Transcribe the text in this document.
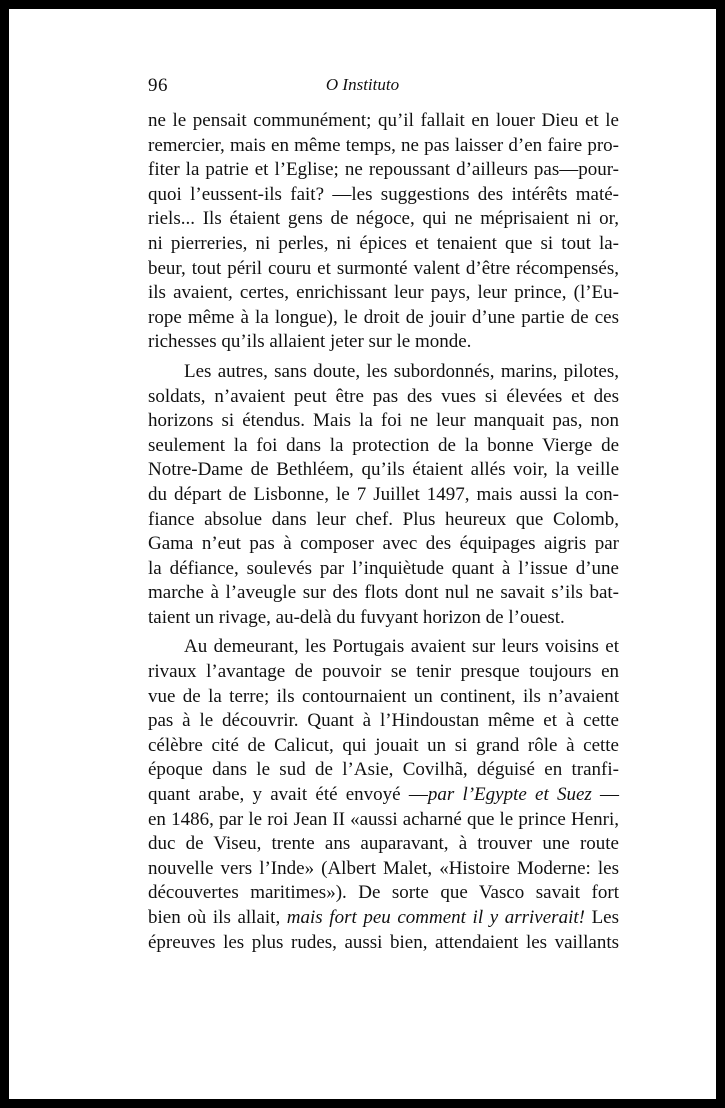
96	O Instituto
ne le pensait communément; qu’il fallait en louer Dieu et le
remercier, mais en même temps, ne pas laisser d’en faire pro-
fiter la patrie et l’Eglise; ne repoussant d’ailleurs pas—pour-
quoi l’eussent-ils fait? —les suggestions des intérêts maté-
riels... Ils étaient gens de négoce, qui ne méprisaient ni or,
ni pierreries, ni perles, ni épices et tenaient que si tout la-
beur, tout péril couru et surmonté valent d’être récompensés,
ils avaient, certes, enrichissant leur pays, leur prince, (l’Eu-
rope même à la longue), le droit de jouir d’une partie de ces
richesses qu’ils allaient jeter sur le monde.
Les autres, sans doute, les subordonnés, marins, pilotes,
soldats, n’avaient peut être pas des vues si élevées et des
horizons si étendus. Mais la foi ne leur manquait pas, non
seulement la foi dans la protection de la bonne Vierge de
Notre-Dame de Bethléem, qu’ils étaient allés voir, la veille
du départ de Lisbonne, le 7 Juillet 1497, mais aussi la con-
fiance absolue dans leur chef. Plus heureux que Colomb,
Gama n’eut pas à composer avec des équipages aigris par
la défiance, soulevés par l’inquiètude quant à l’issue d’une
marche à l’aveugle sur des flots dont nul ne savait s’ils bat-
taient un rivage, au-delà du fuvyant horizon de l’ouest.
Au demeurant, les Portugais avaient sur leurs voisins et
rivaux l’avantage de pouvoir se tenir presque toujours en
vue de la terre; ils contournaient un continent, ils n’avaient
pas à le découvrir. Quant à l’Hindoustan même et à cette
célèbre cité de Calicut, qui jouait un si grand rôle à cette
époque dans le sud de l’Asie, Covilhã, déguisé en tranfi-
quant arabe, y avait été envoyé —par l’Egypte et Suez —
en 1486, par le roi Jean II «aussi acharné que le prince Henri,
duc de Viseu, trente ans auparavant, à trouver une route
nouvelle vers l’Inde» (Albert Malet, «Histoire Moderne: les
découvertes maritimes»). De sorte que Vasco savait fort
bien où ils allait, mais fort peu comment il y arriverait! Les
épreuves les plus rudes, aussi bien, attendaient les vaillants
